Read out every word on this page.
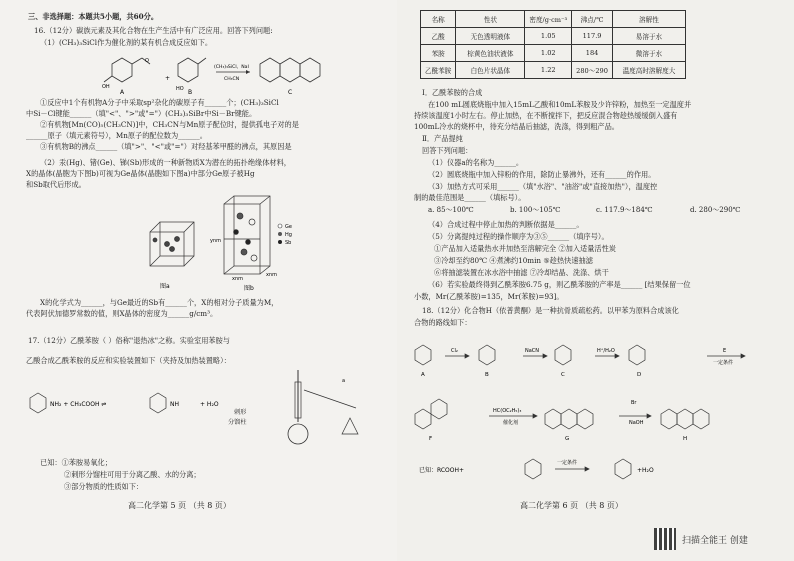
三、非选择题：本题共5小题，共60分。
16.（12分）碳族元素及其化合物在生产生活中有广泛应用。回答下列问题:
（1）(CH₃)₃SiCl作为催化剂的某有机合成反应如下。
OH
O
A
+
HO B
(CH₃)₃SiCl、NaI
CH₃CN
C
①反应中1个有机物A分子中采取sp²杂化的碳原子有______个；(CH₃)₃SiCl
中Si－Cl键能______（填"<"、">"或"="）(CH₃)₃SiBr中Si－Br键能。
②有机物[Mn(CO)₅(CH₃CN)]中，CH₃CN与Mn原子配位时，提供孤电子对的是
______原子（填元素符号），Mn原子的配位数为______。
③有机物B的沸点______（填">"、"<"或"="）对羟基苯甲醛的沸点，其原因是
（2）汞(Hg)、锗(Ge)、锑(Sb)形成的一种新物质X为潜在的拓扑绝缘体材料，
X的晶体(晶胞为下图b)可视为Ge晶体(晶胞如下图a)中部分Ge原子被Hg
和Sb取代后形成。
图a
ynm
xnm
xnm
图b
Ge
Hg
Sb
X的化学式为______，与Ge最近的Sb有______个，X的相对分子质量为M，
代表阿伏加德罗常数的值，则X晶体的密度为______g/cm³。
17.（12分）乙酰苯胺（ ）俗称"退热冰"之称。实验室用苯胺与
乙酸合成乙酰苯胺的反应和实验装置如下（夹持及加热装置略）：
NH₂ + CH₃COOH ⇌	NH	+ H₂O
a
刺形
分馏柱
已知：①苯胺易氧化；
②刺形分馏柱可用于分离乙酸、水的分离；
③部分物质的性质如下：
高二化学第 5 页 （共 8 页）
名称	性状	密度/g·cm⁻³	沸点/℃	溶解性
乙酸	无色透明液体	1.05	117.9	易溶于水
苯胺	棕黄色油状液体	1.02	184	微溶于水
乙酰苯胺	白色片状晶体	1.22	280～290	温度高时溶解度大
Ⅰ．乙酰苯胺的合成
在100 mL圆底烧瓶中加入15mL乙酸和10mL苯胺及少许锌粉，加热至一定温度并
持续该温度1小时左右。停止加热，在不断搅拌下，把反应混合物趁热缓缓倒入盛有
100mL冷水的烧杯中，待充分结晶后抽滤，洗涤，得到粗产品。
Ⅱ．产品提纯
回答下列问题：
（1）仪器a的名称为______。
（2）圆底烧瓶中加入锌粉的作用，除防止暴沸外，还有______的作用。
（3）加热方式可采用______（填"水浴"、"油浴"或"直接加热"），温度控
制的最佳范围是______（填标号）。
a. 85～100℃	b. 100～105℃	c. 117.9～184℃	d. 280～290℃
（4）合成过程中停止加热的判断依据是______。
（5）分离提纯过程的操作顺序为③⑤______（填序号）。
①产品加入适量热水并加热至溶解完全 ②加入适量活性炭
③冷却至约80℃ ④煮沸约10min ⑤趁热快速抽滤
⑥将抽滤装置在冰水浴中抽滤 ⑦冷却结晶、洗涤、烘干
（6）若实验最终得到乙酰苯胺6.75 g，则乙酰苯胺的产率是______ [结果保留一位
小数，Mr(乙酰苯胺)=135，Mr(苯胺)=93]。
18.（12分）化合物H（依普黄酮）是一种抗骨质疏松药。以甲苯为原料合成该化
合物的路线如下：
Cl₂	NaCN	H⁺/H₂O	E
一定条件
HC(OC₂H₅)₃
催化剂	NaOH
Br
A	B	C	D
F	G	H
已知：RCOOH+
一定条件
+H₂O
高二化学第 6 页 （共 8 页）
扫描全能王 创建
